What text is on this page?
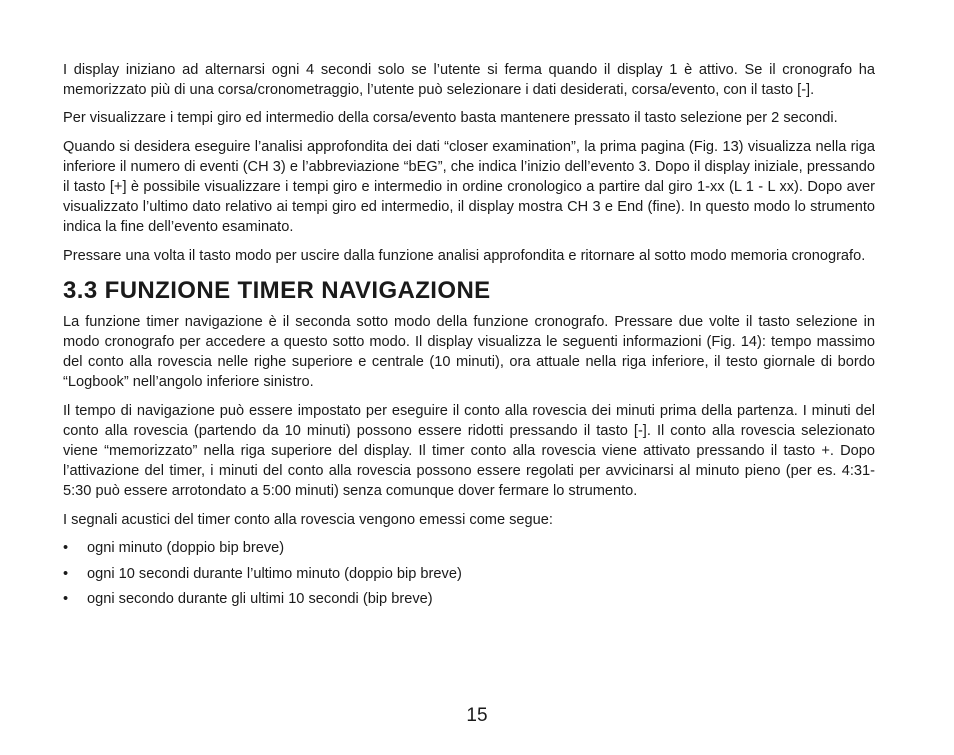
I display iniziano ad alternarsi ogni 4 secondi solo se l’utente si ferma quando il display 1 è attivo. Se il cronografo ha memorizzato più di una corsa/cronometraggio, l’utente può selezionare i dati desiderati, corsa/evento, con il tasto [-].

Per visualizzare i tempi giro ed intermedio della corsa/evento basta mantenere pressato il tasto selezione per 2 secondi.

Quando si desidera eseguire l’analisi approfondita dei dati “closer examination”, la prima pagina (Fig. 13) visualizza nella riga inferiore il numero di eventi (CH 3) e l’abbreviazione “bEG”, che indica l’inizio dell’evento 3. Dopo il display iniziale, pressando il tasto [+] è possibile visualizzare i tempi giro e intermedio in ordine cronologico a partire dal giro 1-xx (L 1 - L xx). Dopo aver visualizzato l’ultimo dato relativo ai tempi giro ed intermedio, il display mostra CH 3 e End (fine). In questo modo lo strumento indica la fine dell’evento esaminato.

Pressare una volta il tasto modo per uscire dalla funzione analisi approfondita e ritornare al sotto modo memoria cronografo.

3.3 FUNZIONE TIMER NAVIGAZIONE

La funzione timer navigazione è il seconda sotto modo della funzione cronografo. Pressare due volte il tasto selezione in modo cronografo per accedere a questo sotto modo. Il display visualizza le seguenti informazioni (Fig. 14): tempo massimo del conto alla rovescia nelle righe superiore e centrale (10 minuti), ora attuale nella riga inferiore, il testo giornale di bordo “Logbook” nell’angolo inferiore sinistro.

Il tempo di navigazione può essere impostato per eseguire il conto alla rovescia dei minuti prima della partenza. I minuti del conto alla rovescia (partendo da 10 minuti) possono essere ridotti pressando il tasto [-]. Il conto alla rovescia selezionato viene “memorizzato” nella riga superiore del display. Il timer conto alla rovescia viene attivato pressando il tasto +. Dopo l’attivazione del timer, i minuti del conto alla rovescia possono essere regolati per avvicinarsi al minuto pieno (per es. 4:31-5:30 può essere arrotondato a 5:00 minuti) senza comunque dover fermare lo strumento.

I segnali acustici del timer conto alla rovescia vengono emessi come segue:

• ogni minuto (doppio bip breve)
• ogni 10 secondi durante l’ultimo minuto (doppio bip breve)
• ogni secondo durante gli ultimi 10 secondi (bip breve)
15
